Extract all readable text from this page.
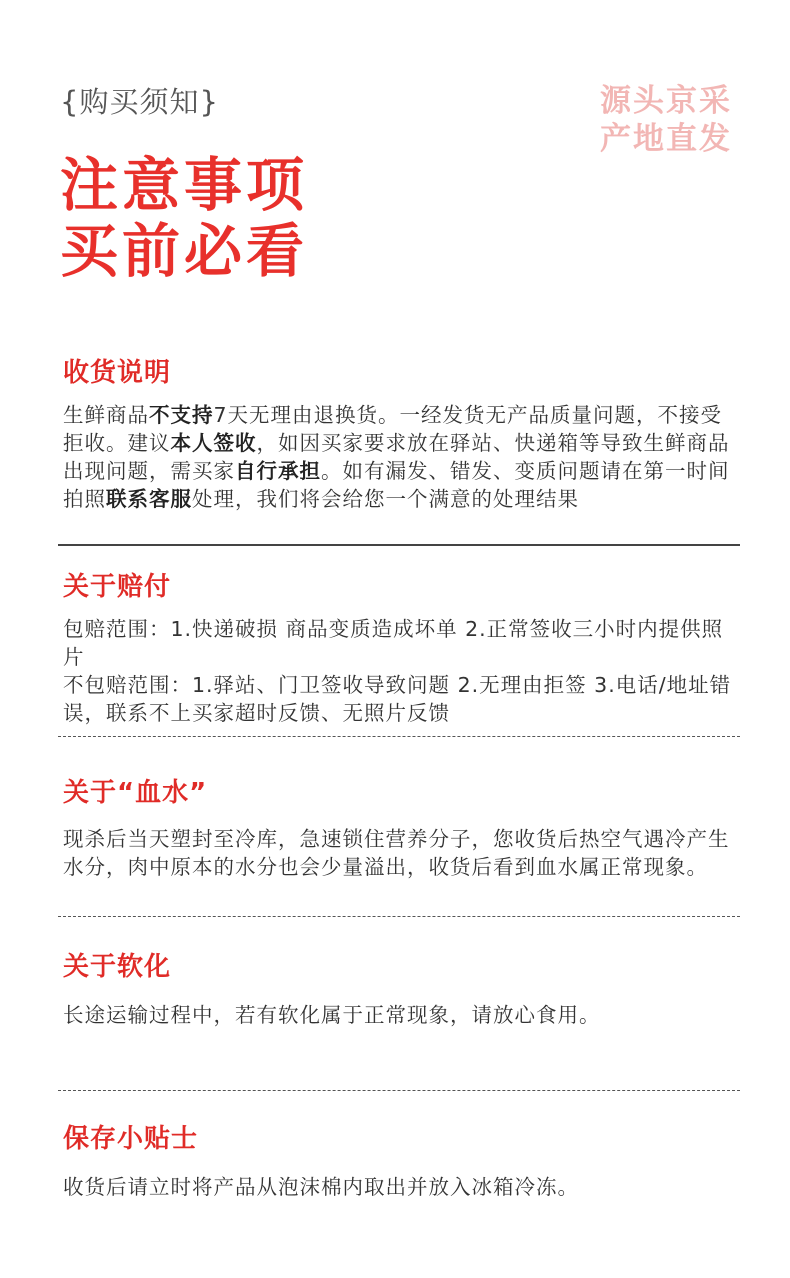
{购买须知}	源头京采
产地直发
注意事项
买前必看
收货说明

生鲜商品不支持7天无理由退换货。一经发货无产品质量问题，不接受拒收。建议本人签收，如因买家要求放在驿站、快递箱等导致生鲜商品出现问题，需买家自行承担。如有漏发、错发、变质问题请在第一时间拍照联系客服处理，我们将会给您一个满意的处理结果

关于赔付

包赔范围：1.快递破损 商品变质造成坏单 2.正常签收三小时内提供照片
不包赔范围：1.驿站、门卫签收导致问题 2.无理由拒签 3.电话/地址错误，联系不上买家超时反馈、无照片反馈

关于“血水”

现杀后当天塑封至冷库，急速锁住营养分子，您收货后热空气遇冷产生水分，肉中原本的水分也会少量溢出，收货后看到血水属正常现象。

关于软化

长途运输过程中，若有软化属于正常现象，请放心食用。

保存小贴士

收货后请立时将产品从泡沫棉内取出并放入冰箱冷冻。
